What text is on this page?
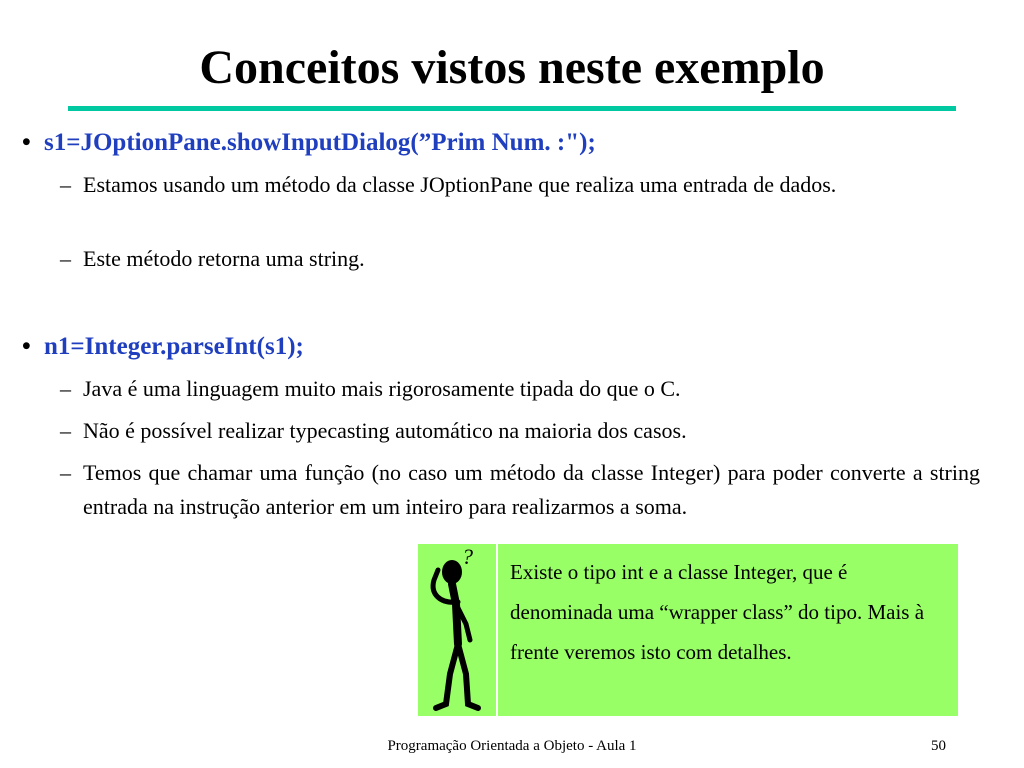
Conceitos vistos neste exemplo
• s1=JOptionPane.showInputDialog(”Prim Num. :");
– Estamos usando um método da classe JOptionPane que realiza uma entrada de dados.
– Este método retorna uma string.
• n1=Integer.parseInt(s1);
– Java é uma linguagem muito mais rigorosamente tipada do que o C.
– Não é possível realizar typecasting automático na maioria dos casos.
– Temos que chamar uma função (no caso um método da classe Integer) para poder converte a string entrada na instrução anterior em um inteiro para realizarmos a soma.
?
Existe o tipo int e a classe Integer, que é denominada uma “wrapper class” do tipo. Mais à frente veremos isto com detalhes.
Programação Orientada a Objeto - Aula 1	50
